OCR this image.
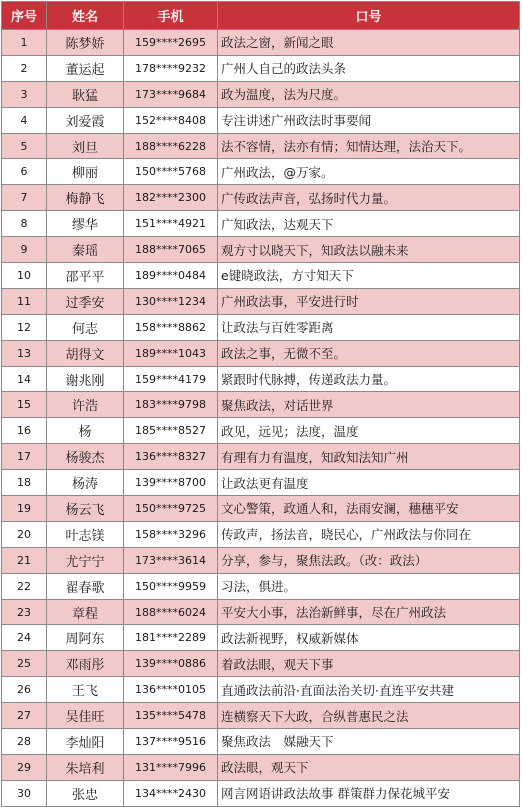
序号	姓名	手机	口号
1	陈梦娇	159****2695	政法之窗，新闻之眼
2	董运起	178****9232	广州人自己的政法头条
3	耿猛	173****9684	政为温度，法为尺度。
4	刘爱霞	152****8408	专注讲述广州政法时事要闻
5	刘旦	188****6228	法不容情，法亦有情；知情达理，法治天下。
6	柳丽	150****5768	广州政法，@万家。
7	梅静飞	182****2300	广传政法声音，弘扬时代力量。
8	缪华	151****4921	广知政法，达观天下
9	秦瑶	188****7065	观方寸以晓天下，知政法以融未来
10	邵平平	189****0484	e键晓政法，方寸知天下
11	过季安	130****1234	广州政法事，平安进行时
12	何志	158****8862	让政法与百姓零距离
13	胡得文	189****1043	政法之事，无微不至。
14	谢兆刚	159****4179	紧跟时代脉搏，传递政法力量。
15	许浩	183****9798	聚焦政法，对话世界
16	杨	185****8527	政见，远见；法度，温度
17	杨骏杰	136****8327	有理有力有温度，知政知法知广州
18	杨涛	139****8700	让政法更有温度
19	杨云飞	150****9725	文心警策，政通人和，法雨安澜，穗穗平安
20	叶志镁	158****3296	传政声，扬法音，晓民心，广州政法与你同在
21	尤宁宁	173****3614	分享，参与，聚焦法政。（改：政法）
22	翟春歌	150****9959	习法，俱进。
23	章程	188****6024	平安大小事，法治新鲜事，尽在广州政法
24	周阿东	181****2289	政法新视野，权威新媒体
25	邓雨彤	139****0886	着政法眼，观天下事
26	王飞	136****0105	直通政法前沿·直面法治关切·直连平安共建
27	吴佳旺	135****5478	连横察天下大政，合纵普惠民之法
28	李灿阳	137****9516	聚焦政法　媒融天下
29	朱培利	131****7996	政法眼，观天下
30	张忠	134****2430	网言网语讲政法故事 群策群力保花城平安
